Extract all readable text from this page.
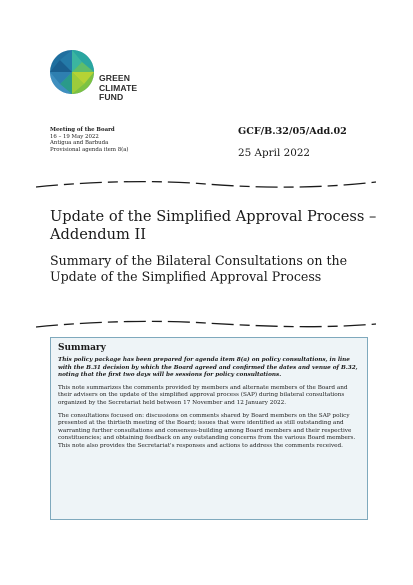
GREEN
CLIMATE
FUND
Meeting of the Board
16 – 19 May 2022
Antigua and Barbuda
Provisional agenda item 8(a)
GCF/B.32/05/Add.02
25 April 2022
Update of the Simplified Approval Process – Addendum II
Summary of the Bilateral Consultations on the Update of the Simplified Approval Process
Summary

This policy package has been prepared for agenda item 8(a) on policy consultations, in line with the B.31 decision by which the Board agreed and confirmed the dates and venue of B.32, noting that the first two days will be sessions for policy consultations.

This note summarizes the comments provided by members and alternate members of the Board and their advisers on the update of the simplified approval process (SAP) during bilateral consultations organized by the Secretariat held between 17 November and 12 January 2022.

The consultations focused on: discussions on comments shared by Board members on the SAP policy presented at the thirtieth meeting of the Board; issues that were identified as still outstanding and warranting further consultations and consensus-building among Board members and their respective constituencies; and obtaining feedback on any outstanding concerns from the various Board members. This note also provides the Secretariat's responses and actions to address the comments received.
